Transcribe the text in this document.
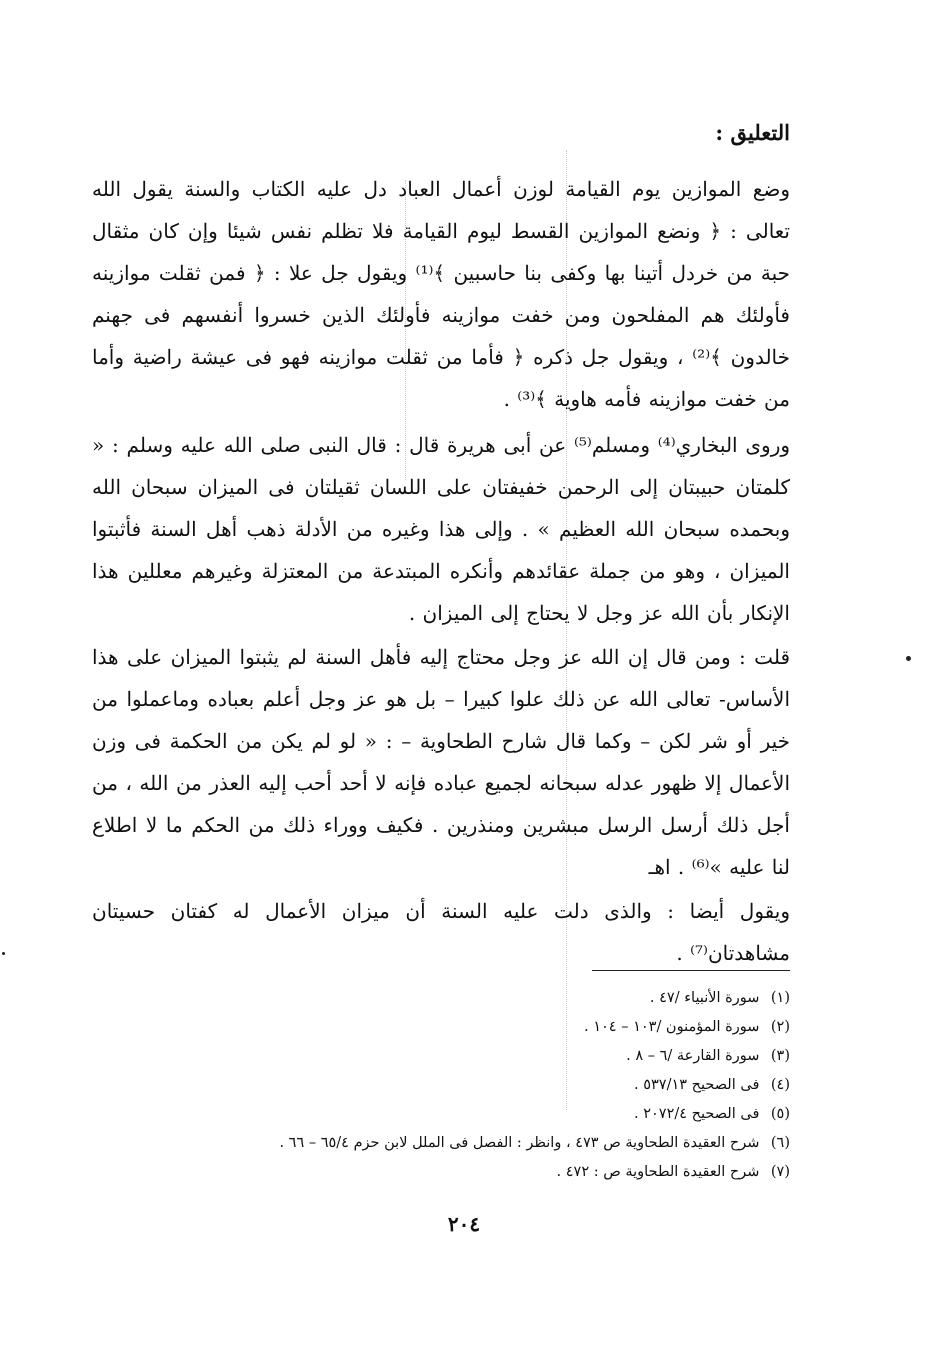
التعليق :

وضع الموازين يوم القيامة لوزن أعمال العباد دل عليه الكتاب والسنة يقول الله تعالى : ﴿ ونضع الموازين القسط ليوم القيامة فلا تظلم نفس شيئا وإن كان مثقال حبة من خردل أتينا بها وكفى بنا حاسبين ﴾⁽¹⁾ ويقول جل علا : ﴿ فمن ثقلت موازينه فأولئك هم المفلحون ومن خفت موازينه فأولئك الذين خسروا أنفسهم فى جهنم خالدون ﴾⁽²⁾ ، ويقول جل ذكره ﴿ فأما من ثقلت موازينه فهو فى عيشة راضية وأما من خفت موازينه فأمه هاوية ﴾⁽³⁾ .

وروى البخاري⁽⁴⁾ ومسلم⁽⁵⁾ عن أبى هريرة قال : قال النبى صلى الله عليه وسلم : « كلمتان حبيبتان إلى الرحمن خفيفتان على اللسان ثقيلتان فى الميزان سبحان الله وبحمده سبحان الله العظيم » . وإلى هذا وغيره من الأدلة ذهب أهل السنة فأثبتوا الميزان ، وهو من جملة عقائدهم وأنكره المبتدعة من المعتزلة وغيرهم معللين هذا الإنكار بأن الله عز وجل لا يحتاج إلى الميزان .

قلت : ومن قال إن الله عز وجل محتاج إليه فأهل السنة لم يثبتوا الميزان على هذا الأساس- تعالى الله عن ذلك علوا كبيرا – بل هو عز وجل أعلم بعباده وماعملوا من خير أو شر لكن – وكما قال شارح الطحاوية – : « لو لم يكن من الحكمة فى وزن الأعمال إلا ظهور عدله سبحانه لجميع عباده فإنه لا أحد أحب إليه العذر من الله ، من أجل ذلك أرسل الرسل مبشرين ومنذرين . فكيف ووراء ذلك من الحكم ما لا اطلاع لنا عليه »⁽⁶⁾ . اهـ

ويقول أيضا : والذى دلت عليه السنة أن ميزان الأعمال له كفتان حسيتان مشاهدتان⁽⁷⁾ .

(١) سورة الأنبياء /٤٧ .
(٢) سورة المؤمنون /١٠٣ – ١٠٤ .
(٣) سورة القارعة /٦ – ٨ .
(٤) فى الصحيح ٥٣٧/١٣ .
(٥) فى الصحيح ٢٠٧٢/٤ .
(٦) شرح العقيدة الطحاوية ص ٤٧٣ ، وانظر : الفصل فى الملل لابن حزم ٦٥/٤ – ٦٦ .
(٧) شرح العقيدة الطحاوية ص : ٤٧٢ .
٢٠٤
